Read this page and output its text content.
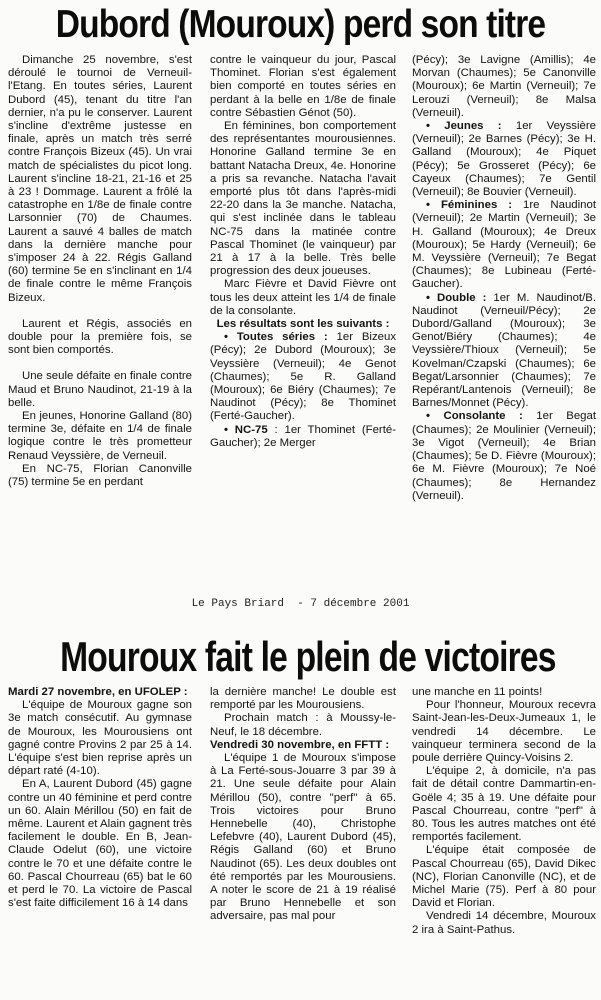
Dubord (Mouroux) perd son titre

Dimanche 25 novembre, s'est déroulé le tournoi de Verneuil-l'Etang. En toutes séries, Laurent Dubord (45), tenant du titre l'an dernier, n'a pu le conserver. Laurent s'incline d'extrême justesse en finale, après un match très serré contre François Bizeux (45). Un vrai match de spécialistes du picot long. Laurent s'incline 18-21, 21-16 et 25 à 23 ! Dommage. Laurent a frôlé la catastrophe en 1/8e de finale contre Larsonnier (70) de Chaumes. Laurent a sauvé 4 balles de match dans la dernière manche pour s'imposer 24 à 22. Régis Galland (60) termine 5e en s'inclinant en 1/4 de finale contre le même François Bizeux.

Laurent et Régis, associés en double pour la première fois, se sont bien comportés.

Une seule défaite en finale contre Maud et Bruno Naudinot, 21-19 à la belle.

En jeunes, Honorine Galland (80) termine 3e, défaite en 1/4 de finale logique contre le très prometteur Renaud Veyssière, de Verneuil.

En NC-75, Florian Canonville (75) termine 5e en perdant

contre le vainqueur du jour, Pascal Thominet. Florian s'est également bien comporté en toutes séries en perdant à la belle en 1/8e de finale contre Sébastien Génot (50).

En féminines, bon comportement des représentantes mourousiennes. Honorine Galland termine 3e en battant Natacha Dreux, 4e. Honorine a pris sa revanche. Natacha l'avait emporté plus tôt dans l'après-midi 22-20 dans la 3e manche. Natacha, qui s'est inclinée dans le tableau NC-75 dans la matinée contre Pascal Thominet (le vainqueur) par 21 à 17 à la belle. Très belle progression des deux joueuses.

Marc Fièvre et David Fièvre ont tous les deux atteint les 1/4 de finale de la consolante.

Les résultats sont les suivants :

• Toutes séries : 1er Bizeux (Pécy); 2e Dubord (Mouroux); 3e Veyssière (Verneuil); 4e Genot (Chaumes); 5e R. Galland (Mouroux); 6e Biéry (Chaumes); 7e Naudinot (Pécy); 8e Thominet (Ferté-Gaucher).

• NC-75 : 1er Thominet (Ferté-Gaucher); 2e Merger

(Pécy); 3e Lavigne (Amillis); 4e Morvan (Chaumes); 5e Canonville (Mouroux); 6e Martin (Verneuil); 7e Lerouzi (Verneuil); 8e Malsa (Verneuil).

• Jeunes : 1er Veyssière (Verneuil); 2e Barnes (Pécy); 3e H. Galland (Mouroux); 4e Piquet (Pécy); 5e Grosseret (Pécy); 6e Cayeux (Chaumes); 7e Gentil (Verneuil); 8e Bouvier (Verneuil).

• Féminines : 1re Naudinot (Verneuil); 2e Martin (Verneuil); 3e H. Galland (Mouroux); 4e Dreux (Mouroux); 5e Hardy (Verneuil); 6e M. Veyssière (Verneuil); 7e Begat (Chaumes); 8e Lubineau (Ferté-Gaucher).

• Double : 1er M. Naudinot/B. Naudinot (Verneuil/Pécy); 2e Dubord/Galland (Mouroux); 3e Genot/Biéry (Chaumes); 4e Veyssière/Thioux (Verneuil); 5e Kovelman/Czapski (Chaumes); 6e Begat/Larsonnier (Chaumes); 7e Repérant/Lantenois (Verneuil); 8e Barnes/Monnet (Pécy).

• Consolante : 1er Begat (Chaumes); 2e Moulinier (Verneuil); 3e Vigot (Verneuil); 4e Brian (Chaumes); 5e D. Fièvre (Mouroux); 6e M. Fièvre (Mouroux); 7e Noé (Chaumes); 8e Hernandez (Verneuil).

Le Pays Briard  - 7 décembre 2001
Mouroux fait le plein de victoires

Mardi 27 novembre, en UFOLEP :

L'équipe de Mouroux gagne son 3e match consécutif. Au gymnase de Mouroux, les Mourousiens ont gagné contre Provins 2 par 25 à 14. L'équipe s'est bien reprise après un départ raté (4-10).

En A, Laurent Dubord (45) gagne contre un 40 féminine et perd contre un 60. Alain Mérillou (50) en fait de même. Laurent et Alain gagnent très facilement le double. En B, Jean-Claude Odelut (60), une victoire contre le 70 et une défaite contre le 60. Pascal Chourreau (65) bat le 60 et perd le 70. La victoire de Pascal s'est faite difficilement 16 à 14 dans

la dernière manche! Le double est remporté par les Mourousiens.

Prochain match : à Moussy-le-Neuf, le 18 décembre.

Vendredi 30 novembre, en FFTT :

L'équipe 1 de Mouroux s'impose à La Ferté-sous-Jouarre 3 par 39 à 21. Une seule défaite pour Alain Mérillou (50), contre "perf" à 65. Trois victoires pour Bruno Hennebelle (40), Christophe Lefebvre (40), Laurent Dubord (45), Régis Galland (60) et Bruno Naudinot (65). Les deux doubles ont été remportés par les Mourousiens. A noter le score de 21 à 19 réalisé par Bruno Hennebelle et son adversaire, pas mal pour

une manche en 11 points!

Pour l'honneur, Mouroux recevra Saint-Jean-les-Deux-Jumeaux 1, le vendredi 14 décembre. Le vainqueur terminera second de la poule derrière Quincy-Voisins 2.

L'équipe 2, à domicile, n'a pas fait de détail contre Dammartin-en-Goële 4; 35 à 19. Une défaite pour Pascal Chourreau, contre "perf" à 80. Tous les autres matches ont été remportés facilement.

L'équipe était composée de Pascal Chourreau (65), David Dikec (NC), Florian Canonville (NC), et de Michel Marie (75). Perf à 80 pour David et Florian.

Vendredi 14 décembre, Mouroux 2 ira à Saint-Pathus.
